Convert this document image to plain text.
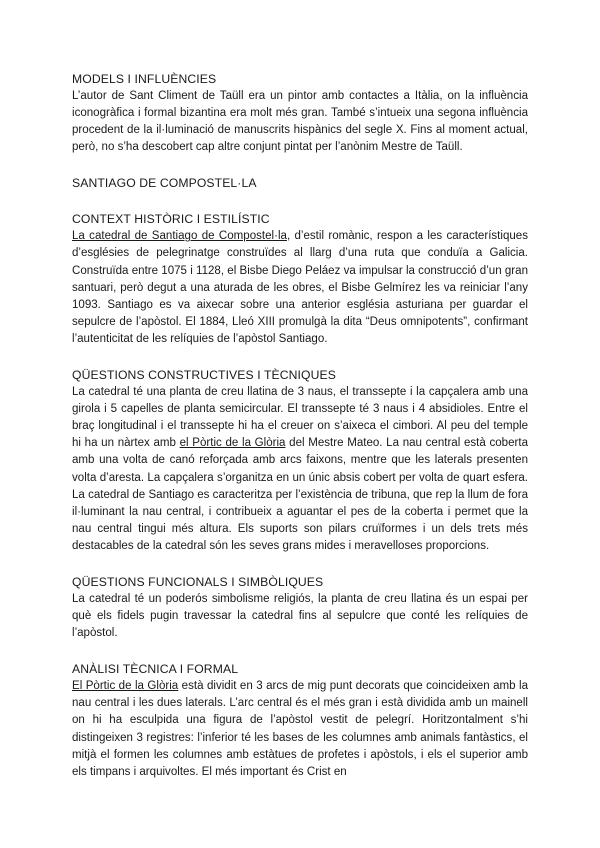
MODELS I INFLUÈNCIES

L’autor de Sant Climent de Taüll era un pintor amb contactes a Itàlia, on la influència iconogràfica i formal bizantina era molt més gran. També s’intueix una segona influència procedent de la il·luminació de manuscrits hispànics del segle X. Fins al moment actual, però, no s’ha descobert cap altre conjunt pintat per l’anònim Mestre de Taüll.

SANTIAGO DE COMPOSTEL·LA
CONTEXT HISTÒRIC I ESTILÍSTIC

La catedral de Santiago de Compostel·la, d’estil romànic, respon a les característiques d’esglésies de pelegrinatge construïdes al llarg d’una ruta que conduïa a Galicia. Construïda entre 1075 i 1128, el Bisbe Diego Peláez va impulsar la construcció d’un gran santuari, però degut a una aturada de les obres, el Bisbe Gelmírez les va reiniciar l’any 1093. Santiago es va aixecar sobre una anterior església asturiana per guardar el sepulcre de l’apòstol. El 1884, Lleó XIII promulgà la dita “Deus omnipotents”, confirmant l’autenticitat de les relíquies de l’apòstol Santiago.

QÜESTIONS CONSTRUCTIVES I TÈCNIQUES

La catedral té una planta de creu llatina de 3 naus, el transsepte i la capçalera amb una girola i 5 capelles de planta semicircular. El transsepte té 3 naus i 4 absidioles. Entre el braç longitudinal i el transsepte hi ha el creuer on s’aixeca el cimbori. Al peu del temple hi ha un nàrtex amb el Pòrtic de la Glòria del Mestre Mateo. La nau central està coberta amb una volta de canó reforçada amb arcs faixons, mentre que les laterals presenten volta d’aresta. La capçalera s’organitza en un únic absis cobert per volta de quart esfera. La catedral de Santiago es caracteritza per l’existència de tribuna, que rep la llum de fora il·luminant la nau central, i contribueix a aguantar el pes de la coberta i permet que la nau central tingui més altura. Els suports son pilars cruïformes i un dels trets més destacables de la catedral són les seves grans mides i meravelloses proporcions.

QÜESTIONS FUNCIONALS I SIMBÒLIQUES

La catedral té un poderós simbolisme religiós, la planta de creu llatina és un espai per què els fidels pugin travessar la catedral fins al sepulcre que conté les relíquies de l’apòstol.

ANÀLISI TÈCNICA I FORMAL

El Pòrtic de la Glòria està dividit en 3 arcs de mig punt decorats que coincideixen amb la nau central i les dues laterals. L’arc central és el més gran i està dividida amb un mainell on hi ha esculpida una figura de l’apòstol vestit de pelegrí. Horitzontalment s’hi distingeixen 3 registres: l’inferior té les bases de les columnes amb animals fantàstics, el mitjà el formen les columnes amb estàtues de profetes i apòstols, i els el superior amb els timpans i arquivoltes. El més important és Crist en
